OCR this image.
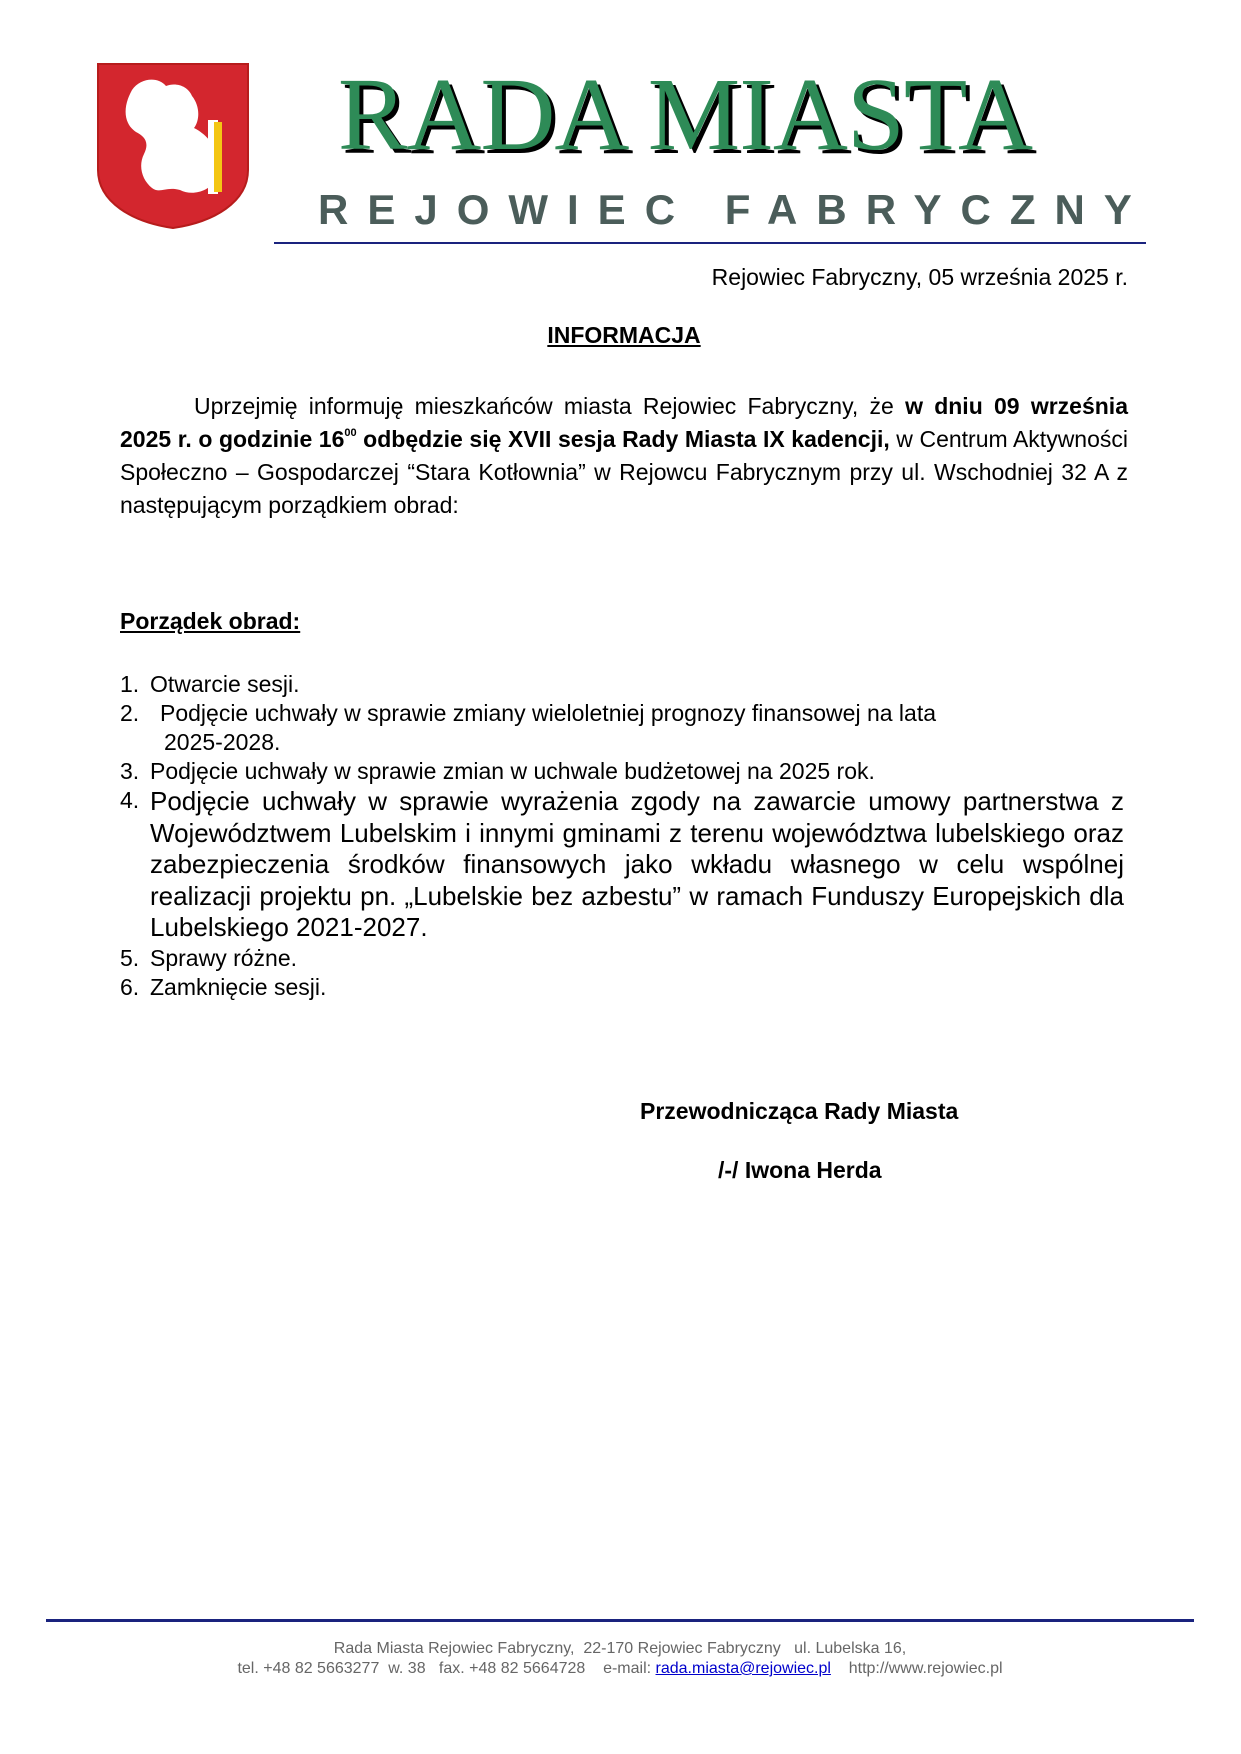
RADA MIASTA
REJOWIEC FABRYCZNY
Rejowiec Fabryczny, 05 września 2025 r.
INFORMACJA
Uprzejmię informuję mieszkańców miasta Rejowiec Fabryczny, że w dniu 09 września 2025 r. o godzinie $16^{00}$ odbędzie się XVII sesja Rady Miasta IX kadencji, w Centrum Aktywności Społeczno – Gospodarczej “Stara Kotłownia” w Rejowcu Fabrycznym przy ul. Wschodniej 32 A z następującym porządkiem obrad:
Porządek obrad:
1. Otwarcie sesji.
2. Podjęcie uchwały w sprawie zmiany wieloletniej prognozy finansowej na lata
2025-2028.
3. Podjęcie uchwały w sprawie zmian w uchwale budżetowej na 2025 rok.
4. Podjęcie uchwały w sprawie wyrażenia zgody na zawarcie umowy partnerstwa z Województwem Lubelskim i innymi gminami z terenu województwa lubelskiego oraz zabezpieczenia środków finansowych jako wkładu własnego w celu wspólnej realizacji projektu pn. „Lubelskie bez azbestu” w ramach Funduszy Europejskich dla Lubelskiego 2021-2027.
5. Sprawy różne.
6. Zamknięcie sesji.
Przewodnicząca Rady Miasta
/-/ Iwona Herda
Rada Miasta Rejowiec Fabryczny,  22-170 Rejowiec Fabryczny   ul. Lubelska 16,
tel. +48 82 5663277  w. 38   fax. +48 82 5664728    e-mail: rada.miasta@rejowiec.pl    http://www.rejowiec.pl
